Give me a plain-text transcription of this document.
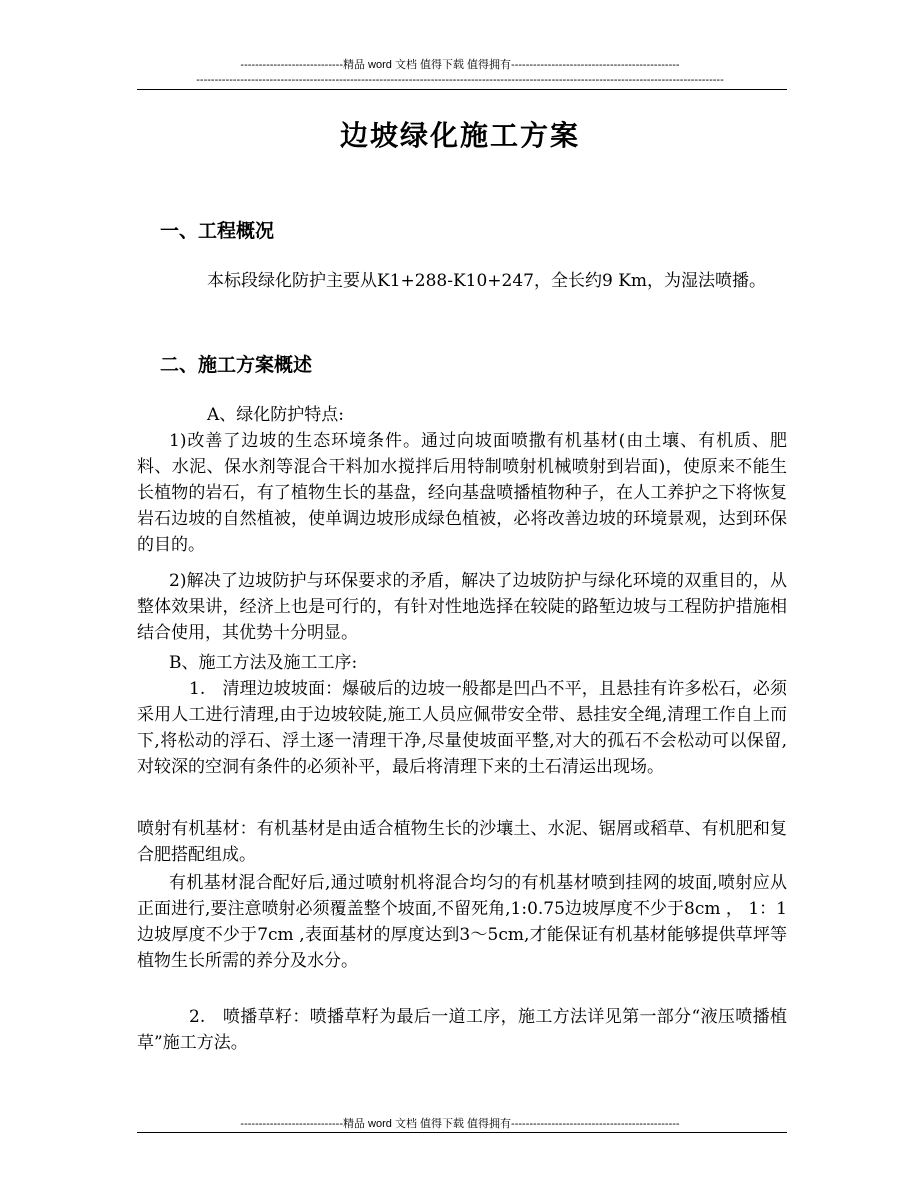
----------------------------精品 word 文档 值得下载 值得拥有----------------------------------------------
------------------------------------------------------------------------------------------------------------------------------------------------
边坡绿化施工方案
一、工程概况
本标段绿化防护主要从K1+288-K10+247，全长约9 Km，为湿法喷播。
二、施工方案概述
A、绿化防护特点:
1)改善了边坡的生态环境条件。通过向坡面喷撒有机基材(由土壤、有机质、肥料、水泥、保水剂等混合干料加水搅拌后用特制喷射机械喷射到岩面)，使原来不能生长植物的岩石，有了植物生长的基盘，经向基盘喷播植物种子，在人工养护之下将恢复岩石边坡的自然植被，使单调边坡形成绿色植被，必将改善边坡的环境景观，达到环保的目的。
2)解决了边坡防护与环保要求的矛盾，解决了边坡防护与绿化环境的双重目的，从整体效果讲，经济上也是可行的，有针对性地选择在较陡的路堑边坡与工程防护措施相结合使用，其优势十分明显。
B、施工方法及施工工序:
1.　清理边坡坡面：爆破后的边坡一般都是凹凸不平，且悬挂有许多松石，必须采用人工进行清理,由于边坡较陡,施工人员应佩带安全带、悬挂安全绳,清理工作自上而下,将松动的浮石、浮土逐一清理干净,尽量使坡面平整,对大的孤石不会松动可以保留,对较深的空洞有条件的必须补平，最后将清理下来的土石清运出现场。
喷射有机基材：有机基材是由适合植物生长的沙壤土、水泥、锯屑或稻草、有机肥和复合肥搭配组成。
有机基材混合配好后,通过喷射机将混合均匀的有机基材喷到挂网的坡面,喷射应从正面进行,要注意喷射必须覆盖整个坡面,不留死角,1:0.75边坡厚度不少于8cm ， 1：1边坡厚度不少于7cm ,表面基材的厚度达到3～5cm,才能保证有机基材能够提供草坪等植物生长所需的养分及水分。
2.　喷播草籽：喷播草籽为最后一道工序，施工方法详见第一部分“液压喷播植草”施工方法。
----------------------------精品 word 文档 值得下载 值得拥有----------------------------------------------
